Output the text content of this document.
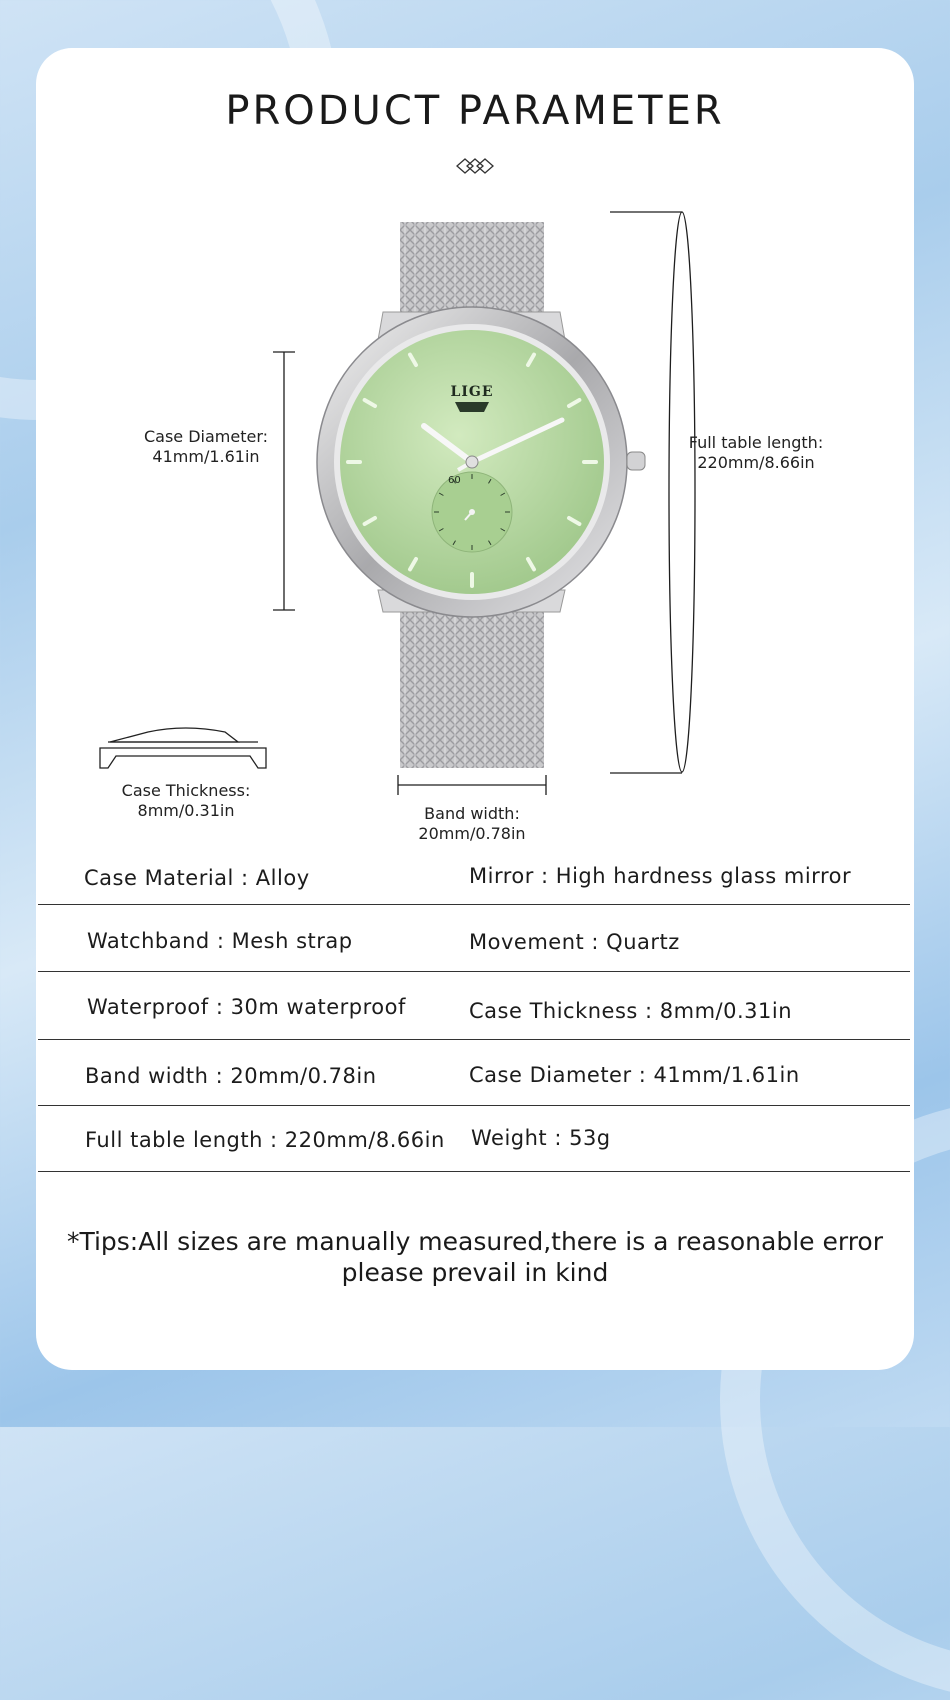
PRODUCT PARAMETER
LIGE
60
Case Diameter:
41mm/1.61in
Full table length:
220mm/8.66in
Case Thickness:
8mm/0.31in	Band width:
20mm/0.78in
Case Material : Alloy	Mirror : High hardness glass mirror
Watchband : Mesh strap	Movement : Quartz
Waterproof : 30m waterproof	Case Thickness : 8mm/0.31in
Band width : 20mm/0.78in	Case Diameter : 41mm/1.61in
Full table length : 220mm/8.66in Weight : 53g
*Tips:All sizes are manually measured,there is a reasonable error
please prevail in kind
